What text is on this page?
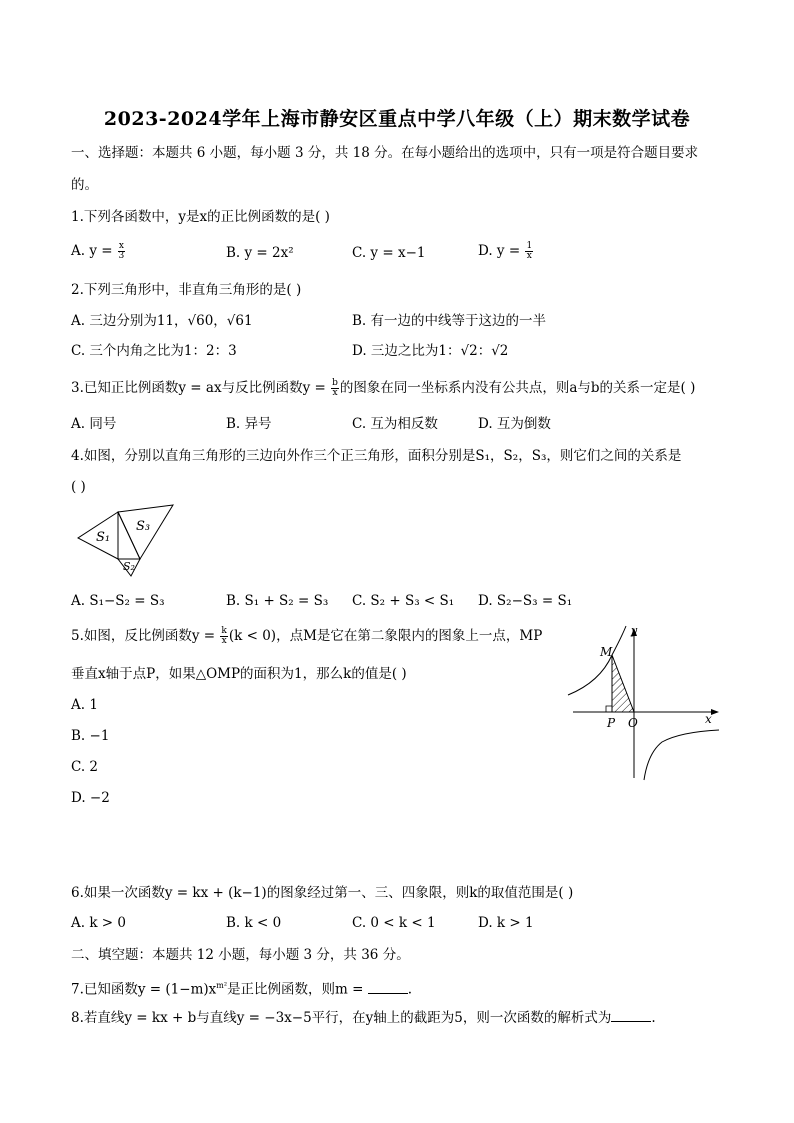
2023-2024学年上海市静安区重点中学八年级（上）期末数学试卷
一、选择题：本题共 6 小题，每小题 3 分，共 18 分。在每小题给出的选项中，只有一项是符合题目要求
的。
1.下列各函数中，y是x的正比例函数的是( )
A. $y = \frac{x}{3}$	B. y = 2x²	C. y = x−1	D. $y = \frac{1}{x}$
2.下列三角形中，非直角三角形的是( )
A. 三边分别为11，√60，√61	B. 有一边的中线等于这边的一半
C. 三个内角之比为1：2：3	D. 三边之比为1：√2：√2
3.已知正比例函数y = ax与反比例函数$y = \frac{b}{x}$ 的图象在同一坐标系内没有公共点，则a与b的关系一定是( )
A. 同号	B. 异号	C. 互为相反数	D. 互为倒数
4.如图，分别以直角三角形的三边向外作三个正三角形，面积分别是S₁，S₂，S₃，则它们之间的关系是
( )
S₁
S₃
S₂
A. S₁−S₂ = S₃	B. S₁ + S₂ = S₃ C. S₂ + S₃ < S₁ D. S₂−S₃ = S₁
5.如图，反比例函数$y = \frac{k}{x} (k < 0)$，点M是它在第二象限内的图象上一点，MP
垂直x轴于点P，如果△OMP的面积为1，那么k的值是( )
A. 1
B. −1
C. 2
D. −2
y
x
M
P O
6.如果一次函数y = kx + (k−1)的图象经过第一、三、四象限，则k的取值范围是( )
A. k > 0	B. k < 0	C. 0 < k < 1	D. k > 1
二、填空题：本题共 12 小题，每小题 3 分，共 36 分。
7.已知函数$y = (1-m)x^{m^2}$是正比例函数，则m =	.
8.若直线y = kx + b与直线y = −3x−5平行，在y轴上的截距为5，则一次函数的解析式为	.
